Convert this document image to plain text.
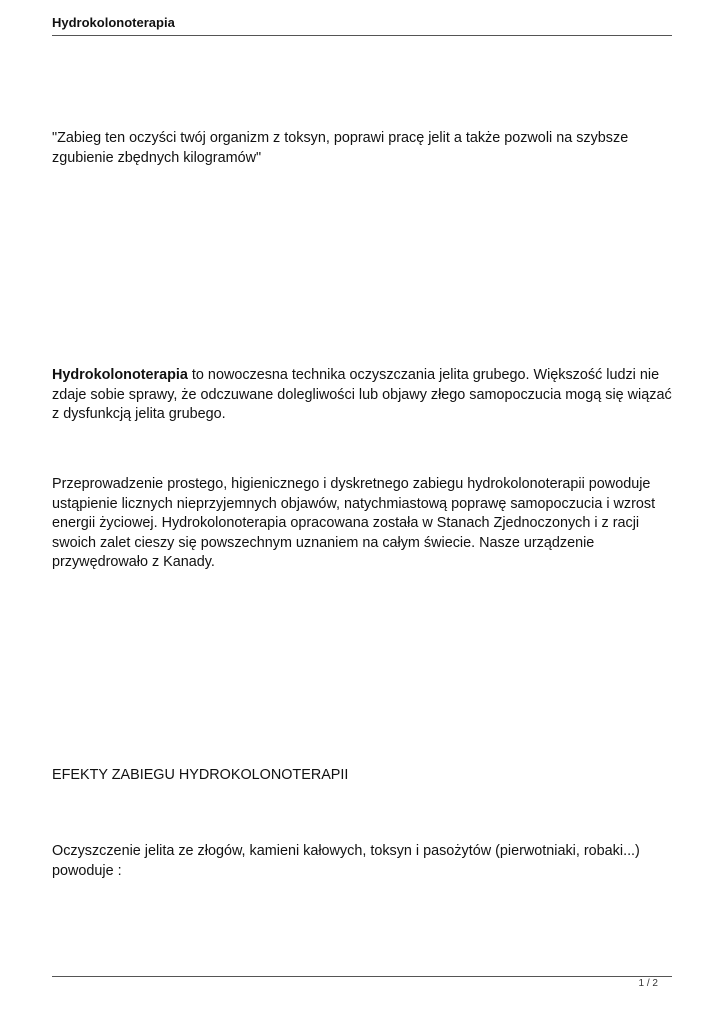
Hydrokolonoterapia

"Zabieg ten oczyści twój organizm z toksyn, poprawi pracę jelit a także pozwoli na szybsze zgubienie zbędnych kilogramów"

Hydrokolonoterapia to nowoczesna technika oczyszczania jelita grubego. Większość ludzi nie zdaje sobie sprawy, że odczuwane dolegliwości lub objawy złego samopoczucia mogą się wiązać z dysfunkcją jelita grubego.

Przeprowadzenie prostego, higienicznego i dyskretnego zabiegu hydrokolonoterapii powoduje ustąpienie licznych nieprzyjemnych objawów, natychmiastową poprawę samopoczucia i wzrost energii życiowej. Hydrokolonoterapia opracowana została w Stanach Zjednoczonych i z racji swoich zalet cieszy się powszechnym uznaniem na całym świecie. Nasze urządzenie przywędrowało z Kanady.

EFEKTY ZABIEGU HYDROKOLONOTERAPII

Oczyszczenie jelita ze złogów, kamieni kałowych, toksyn i pasożytów (pierwotniaki, robaki...) powoduje :

1 / 2
